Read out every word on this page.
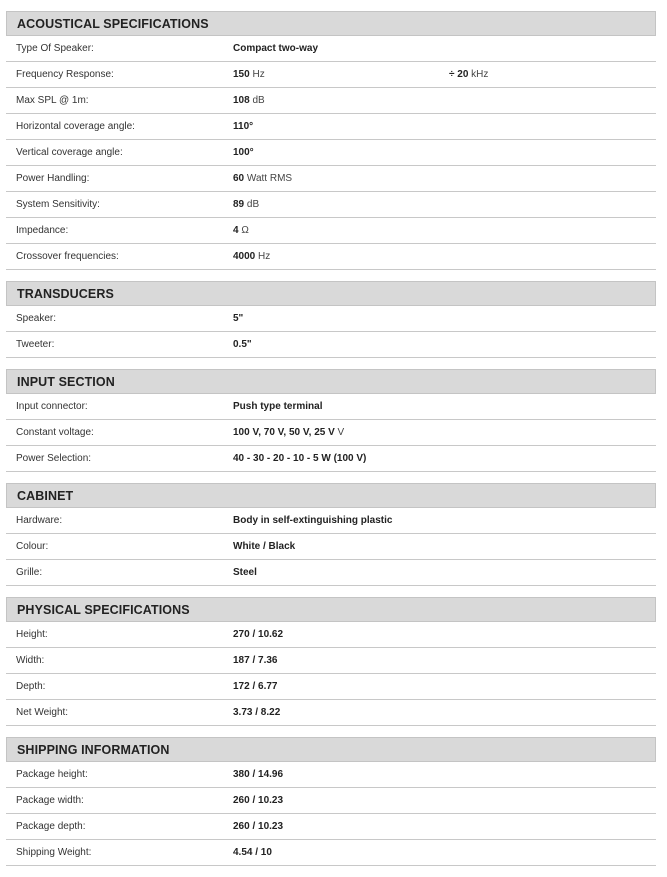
ACOUSTICAL SPECIFICATIONS
Type Of Speaker:	Compact two-way
Frequency Response:	150 Hz	÷ 20 kHz
Max SPL @ 1m:	108 dB
Horizontal coverage angle:	110°
Vertical coverage angle:	100°
Power Handling:	60 Watt RMS
System Sensitivity:	89 dB
Impedance:	4 Ω
Crossover frequencies:	4000 Hz
TRANSDUCERS
Speaker:	5"
Tweeter:	0.5"
INPUT SECTION
Input connector:	Push type terminal
Constant voltage:	100 V, 70 V, 50 V, 25 V V
Power Selection:	40 - 30 - 20 - 10 - 5 W (100 V)
CABINET
Hardware:	Body in self-extinguishing plastic
Colour:	White / Black
Grille:	Steel
PHYSICAL SPECIFICATIONS
Height:	270 / 10.62
Width:	187 / 7.36
Depth:	172 / 6.77
Net Weight:	3.73 / 8.22
SHIPPING INFORMATION
Package height:	380 / 14.96
Package width:	260 / 10.23
Package depth:	260 / 10.23
Shipping Weight:	4.54 / 10
